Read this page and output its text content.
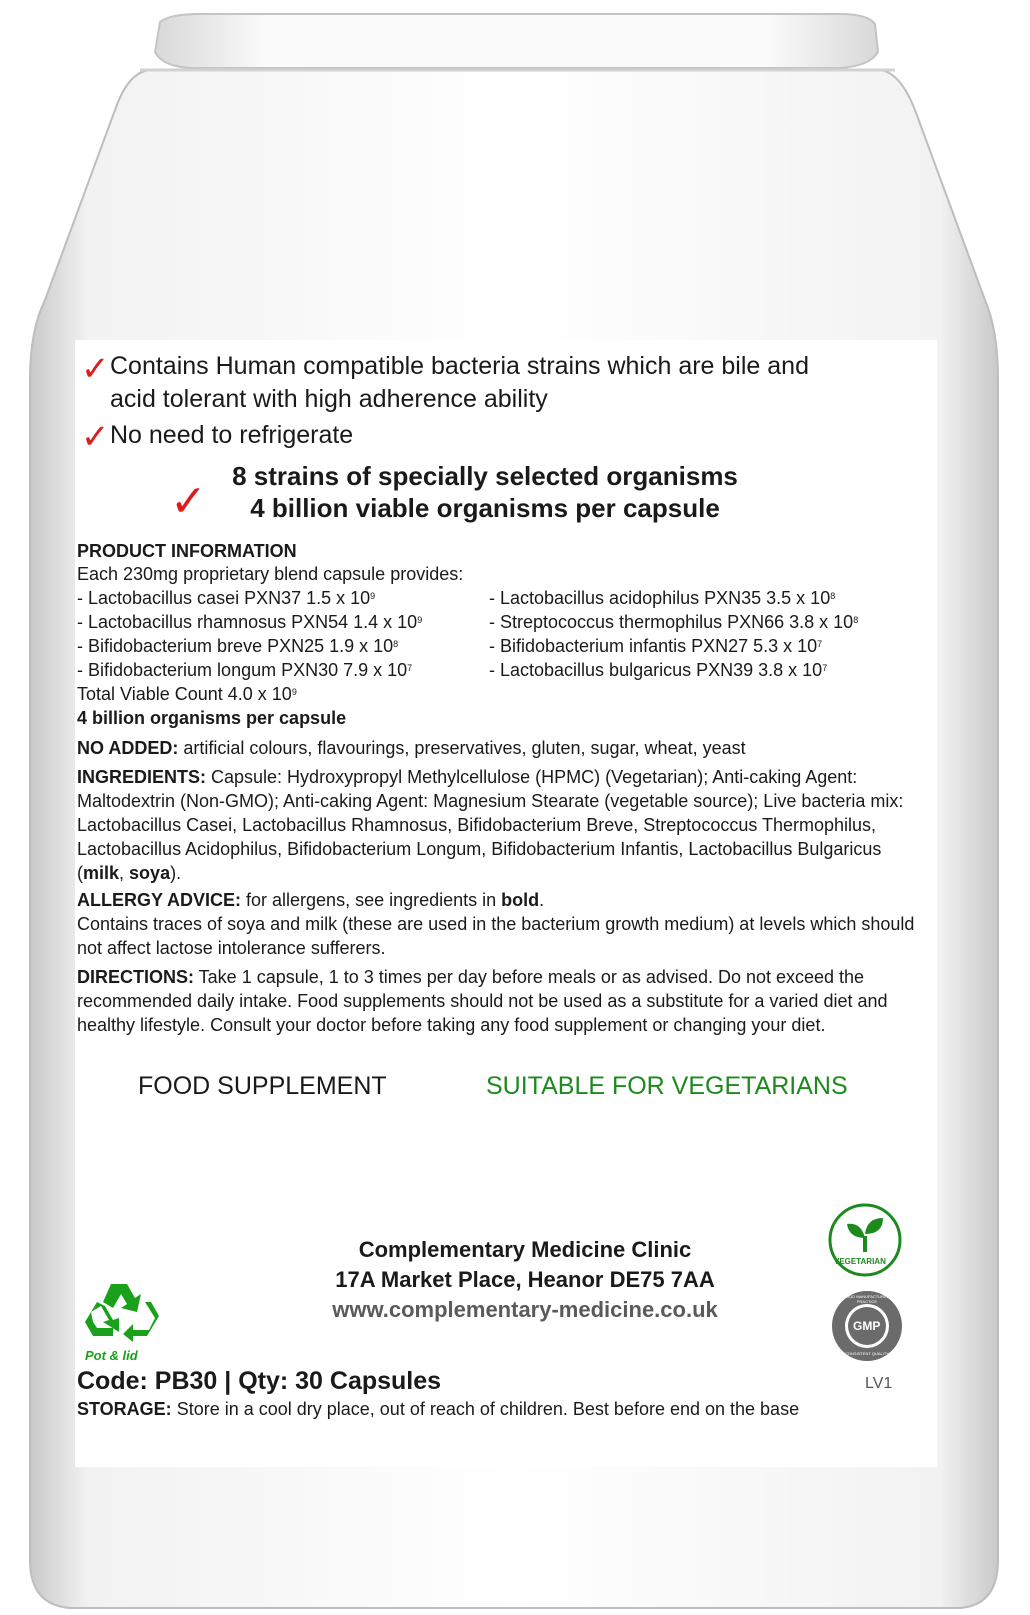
✓ Contains Human compatible bacteria strains which are bile and
acid tolerant with high adherence ability
✓ No need to refrigerate
✓
8 strains of specially selected organisms
4 billion viable organisms per capsule
PRODUCT INFORMATION
Each 230mg proprietary blend capsule provides:
- Lactobacillus casei PXN37 1.5 x $10^9$
- Lactobacillus rhamnosus PXN54 1.4 x $10^9$
- Bifidobacterium breve PXN25 1.9 x $10^8$
- Bifidobacterium longum PXN30 7.9 x $10^7$
- Lactobacillus acidophilus PXN35 3.5 x $10^8$
- Streptococcus thermophilus PXN66 3.8 x $10^8$
- Bifidobacterium infantis PXN27 5.3 x $10^7$
- Lactobacillus bulgaricus PXN39 3.8 x $10^7$
Total Viable Count 4.0 x $10^9$
4 billion organisms per capsule
NO ADDED: artificial colours, flavourings, preservatives, gluten, sugar, wheat, yeast
INGREDIENTS: Capsule: Hydroxypropyl Methylcellulose (HPMC) (Vegetarian); Anti-caking Agent: Maltodextrin (Non-GMO); Anti-caking Agent: Magnesium Stearate (vegetable source); Live bacteria mix: Lactobacillus Casei, Lactobacillus Rhamnosus, Bifidobacterium Breve, Streptococcus Thermophilus, Lactobacillus Acidophilus, Bifidobacterium Longum, Bifidobacterium Infantis, Lactobacillus Bulgaricus (milk, soya).
ALLERGY ADVICE: for allergens, see ingredients in bold.
Contains traces of soya and milk (these are used in the bacterium growth medium) at levels which should not affect lactose intolerance sufferers.
DIRECTIONS: Take 1 capsule, 1 to 3 times per day before meals or as advised. Do not exceed the recommended daily intake. Food supplements should not be used as a substitute for a varied diet and healthy lifestyle. Consult your doctor before taking any food supplement or changing your diet.
FOOD SUPPLEMENT	SUITABLE FOR VEGETARIANS
Complementary Medicine Clinic
17A Market Place, Heanor DE75 7AA
www.complementary-medicine.co.uk
Pot & lid
VEGETARIAN
GMP
GOOD MANUFACTURING PRACTICE
CONSISTENT QUALITY
Code: PB30 | Qty: 30 Capsules	LV1
STORAGE: Store in a cool dry place, out of reach of children. Best before end on the base
